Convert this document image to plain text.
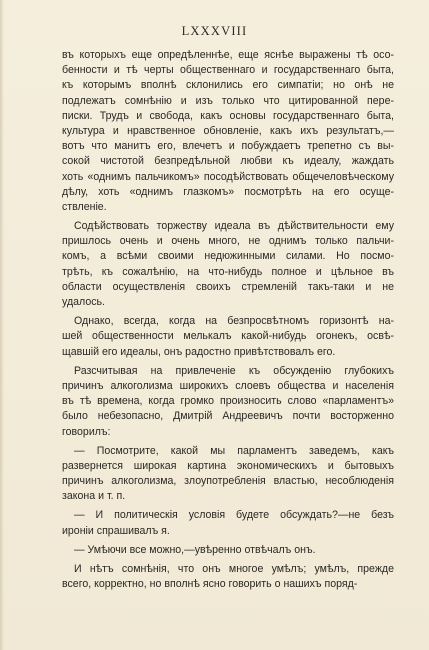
LXXXVIII
въ которыхъ еще опредѣленнѣе, еще яснѣе выражены тѣ осо-
бенности и тѣ черты общественнаго и государственнаго быта,
къ которымъ вполнѣ склонились его симпатіи; но онѣ не
подлежатъ сомнѣнію и изъ только что цитированной пере-
писки. Трудъ и свобода, какъ основы государственнаго быта,
культура и нравственное обновленіе, какъ ихъ результатъ,—
вотъ что манитъ его, влечетъ и побуждаетъ трепетно съ вы-
сокой чистотой безпредѣльной любви къ идеалу, жаждать
хоть «однимъ пальчикомъ» посодѣйствовать общечеловѣческому
дѣлу, хоть «однимъ глазкомъ» посмотрѣть на его осуще-
ствленіе.
Содѣйствовать торжеству идеала въ дѣйствительности ему
пришлось очень и очень много, не однимъ только пальчи-
комъ, а всѣми своими недюжинными силами. Но посмо-
трѣть, къ сожалѣнію, на что-нибудь полное и цѣльное въ
области осуществленія своихъ стремленій такъ-таки и не
удалось.
Однако, всегда, когда на безпросвѣтномъ горизонтѣ на-
шей общественности мелькалъ какой-нибудь огонекъ, освѣ-
щавшій его идеалы, онъ радостно привѣтствовалъ его.
Разсчитывая на привлеченіе къ обсужденію глубокихъ
причинъ алкоголизма широкихъ слоевъ общества и населенія
въ тѣ времена, когда громко произносить слово «парламентъ»
было небезопасно, Дмитрій Андреевичъ почти восторженно
говорилъ:
— Посмотрите, какой мы парламентъ заведемъ, какъ
развернется широкая картина экономическихъ и бытовыхъ
причинъ алкоголизма, злоупотребленія властью, несоблюденія
закона и т. п.
— И политическія условія будете обсуждать?—не безъ
ироніи спрашивалъ я.
— Умѣючи все можно,—увѣренно отвѣчалъ онъ.
И нѣтъ сомнѣнія, что онъ многое умѣлъ; умѣлъ, прежде
всего, корректно, но вполнѣ ясно говорить о нашихъ поряд-
